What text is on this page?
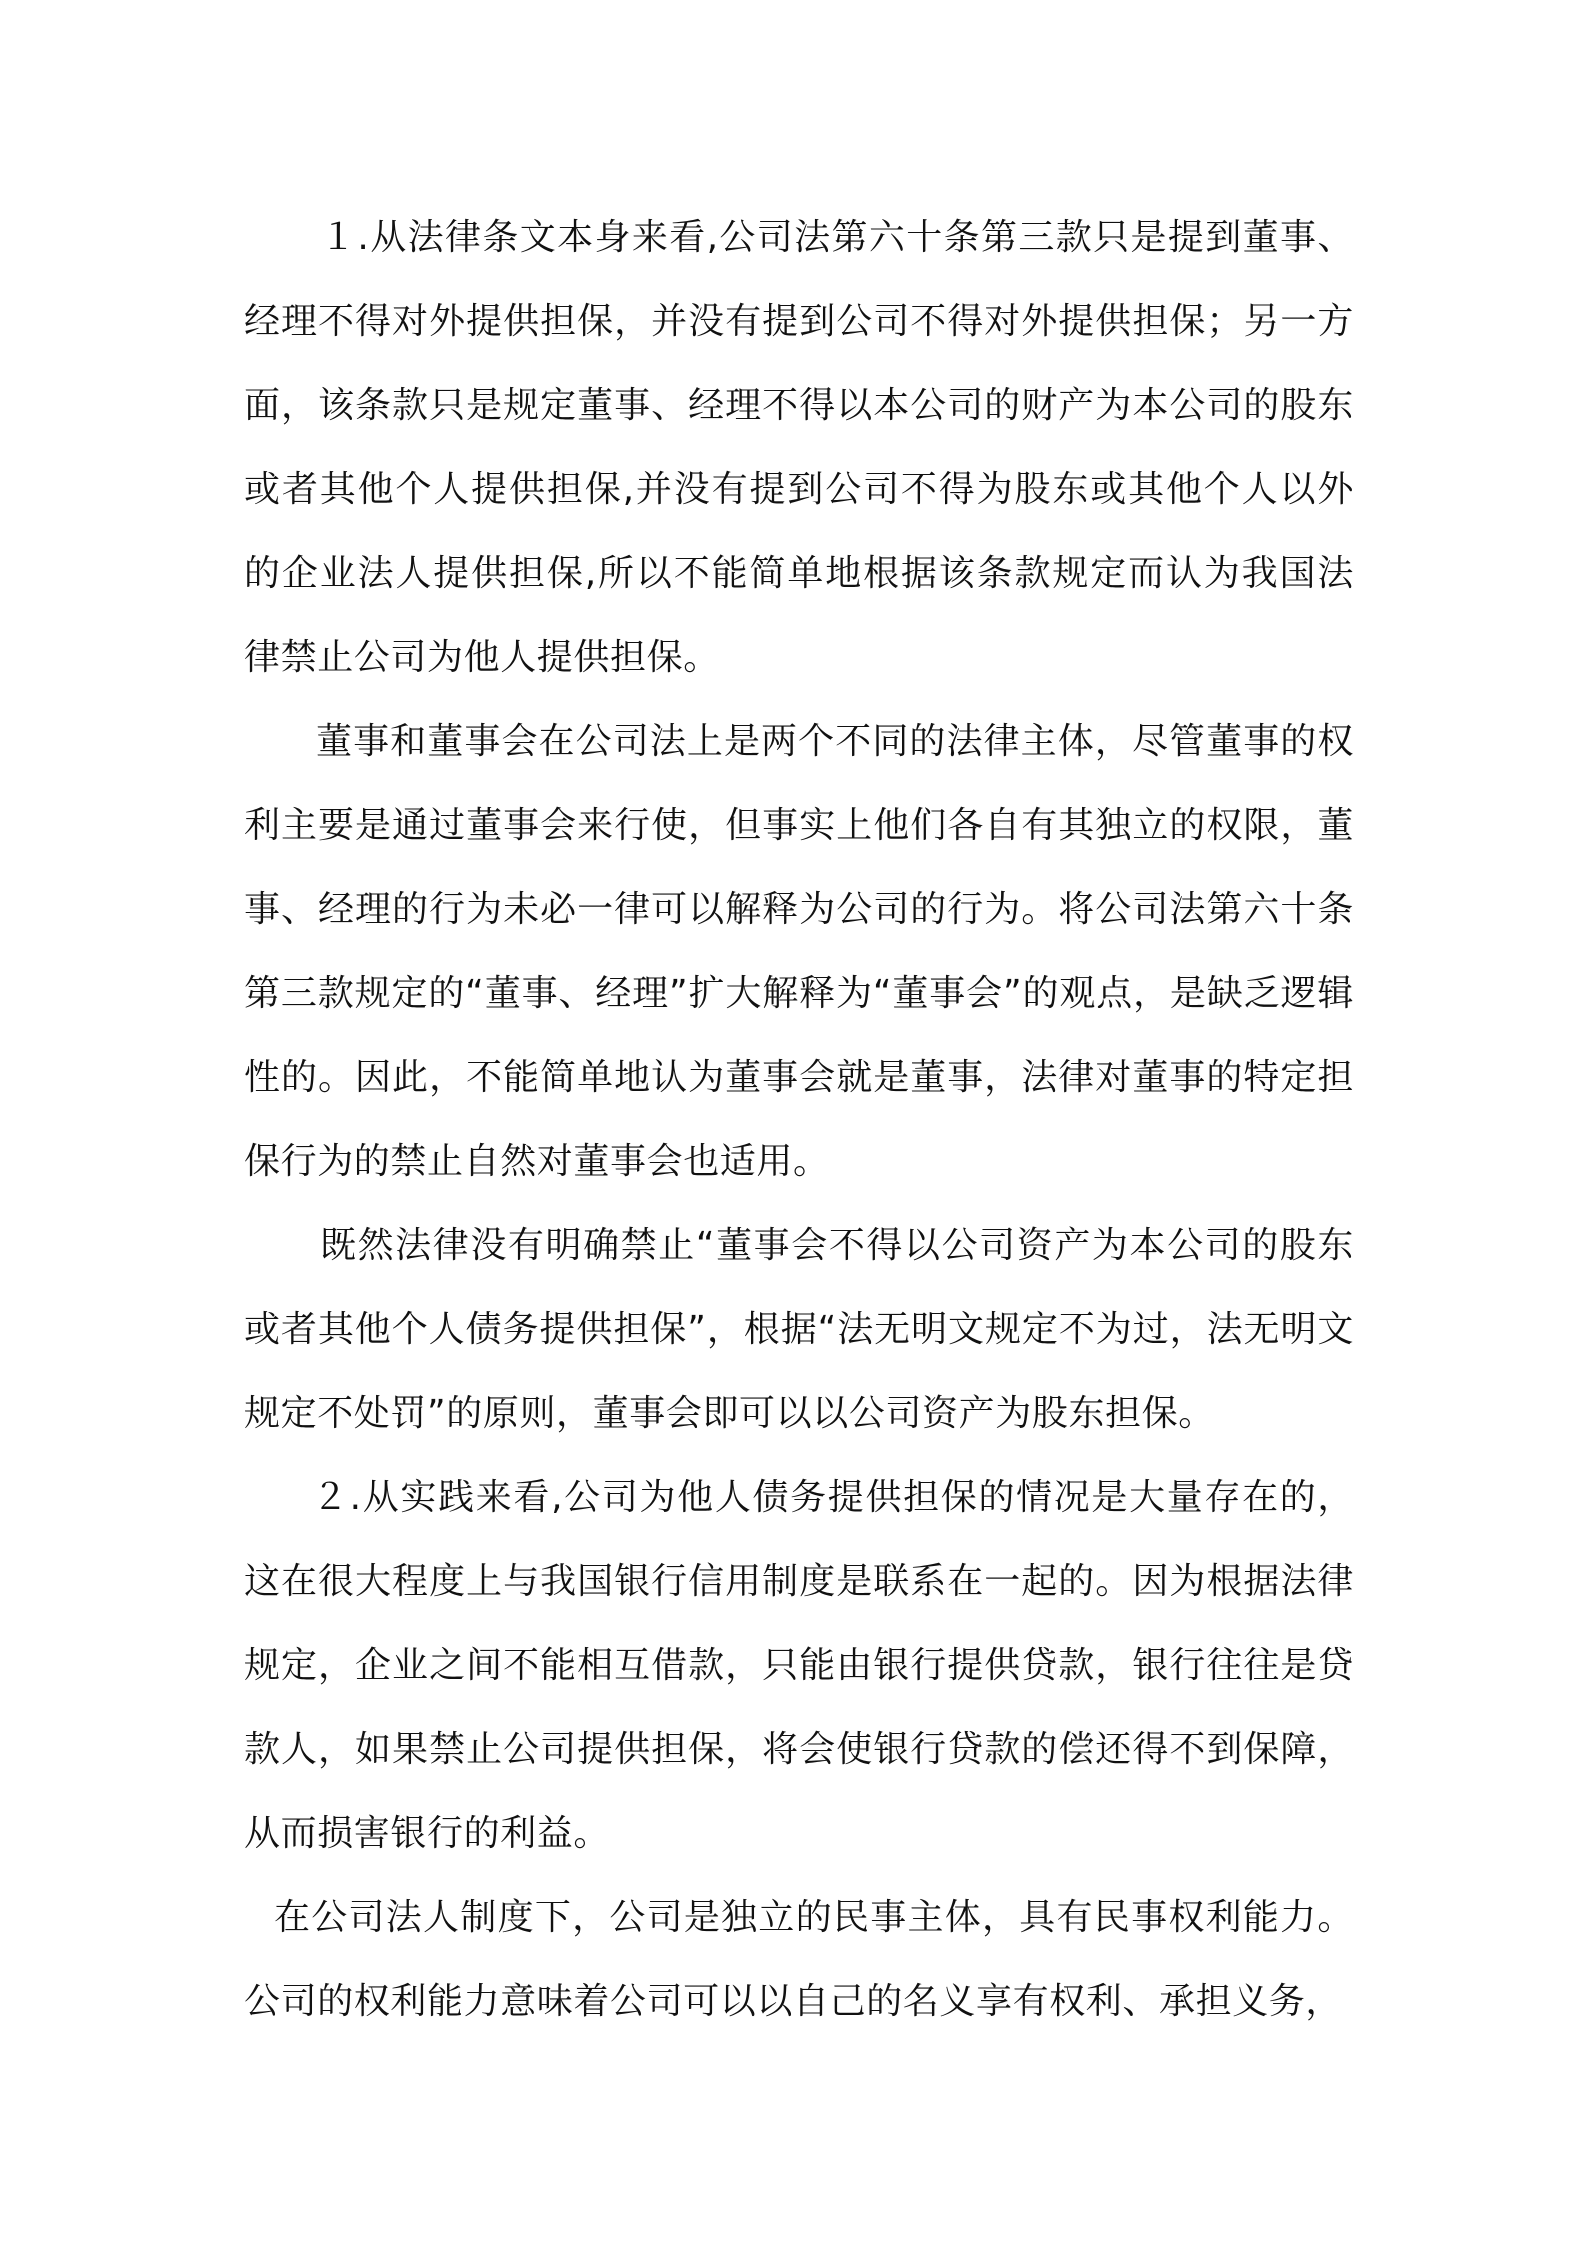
１.从法律条文本身来看,公司法第六十条第三款只是提到董事、经理不得对外提供担保，并没有提到公司不得对外提供担保；另一方面，该条款只是规定董事、经理不得以本公司的财产为本公司的股东或者其他个人提供担保,并没有提到公司不得为股东或其他个人以外的企业法人提供担保,所以不能简单地根据该条款规定而认为我国法律禁止公司为他人提供担保。

董事和董事会在公司法上是两个不同的法律主体，尽管董事的权利主要是通过董事会来行使，但事实上他们各自有其独立的权限，董事、经理的行为未必一律可以解释为公司的行为。将公司法第六十条第三款规定的“董事、经理”扩大解释为“董事会”的观点，是缺乏逻辑性的。因此，不能简单地认为董事会就是董事，法律对董事的特定担保行为的禁止自然对董事会也适用。

既然法律没有明确禁止“董事会不得以公司资产为本公司的股东或者其他个人债务提供担保”，根据“法无明文规定不为过，法无明文规定不处罚”的原则，董事会即可以以公司资产为股东担保。

２.从实践来看,公司为他人债务提供担保的情况是大量存在的，这在很大程度上与我国银行信用制度是联系在一起的。因为根据法律规定，企业之间不能相互借款，只能由银行提供贷款，银行往往是贷款人，如果禁止公司提供担保，将会使银行贷款的偿还得不到保障，从而损害银行的利益。

在公司法人制度下，公司是独立的民事主体，具有民事权利能力。公司的权利能力意味着公司可以以自己的名义享有权利、承担义务，
